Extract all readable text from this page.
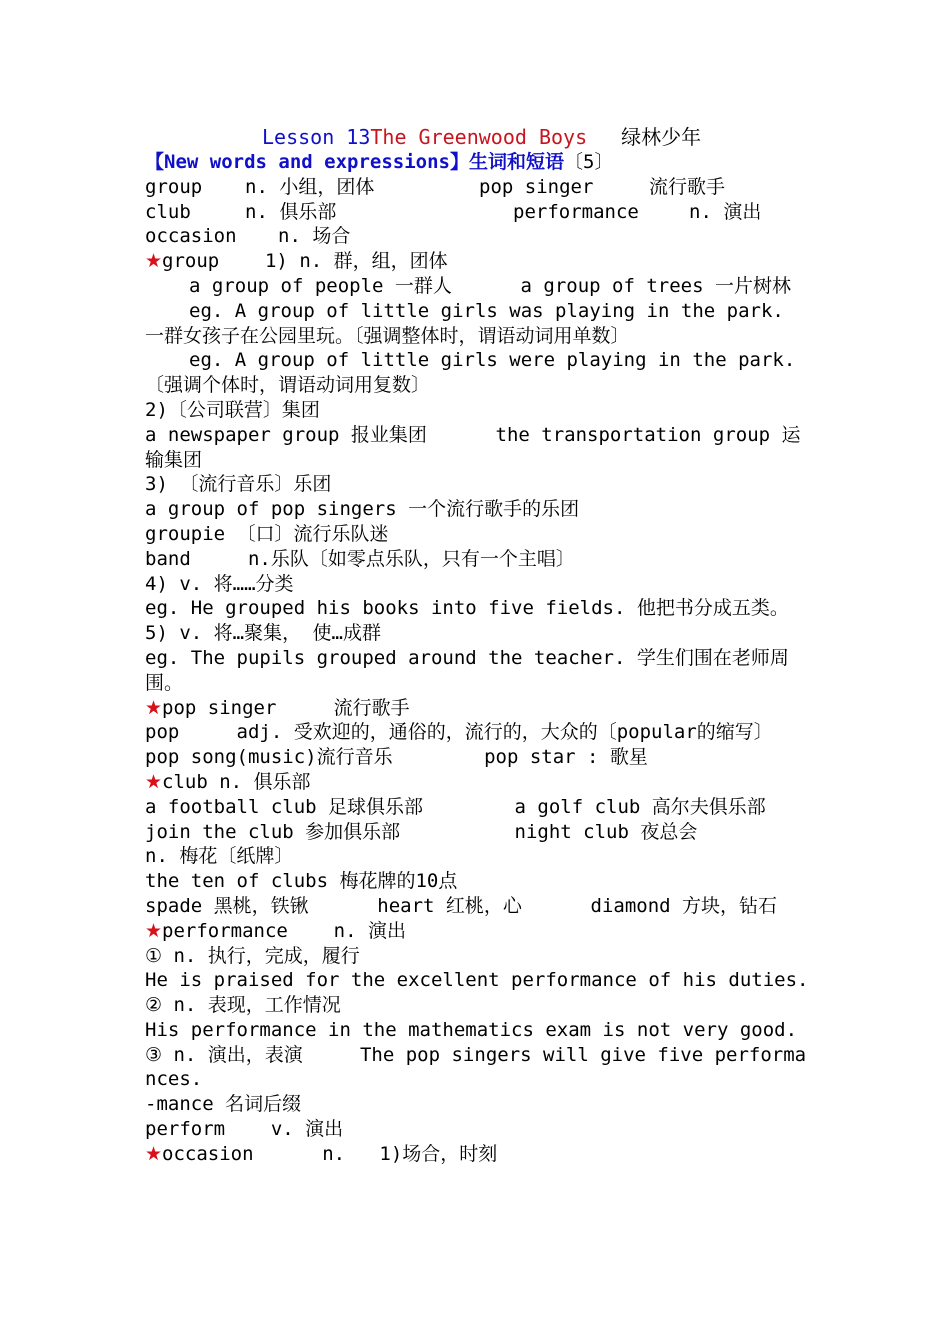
Lesson 13The Greenwood Boys 绿林少年
【New words and expressions】生词和短语〔5〕
group n. 小组，团体	pop singer	流行歌手
club	n. 俱乐部	performance	n. 演出
occasion n. 场合
★group    1) n. 群，组，团体
a group of people 一群人      a group of trees 一片树林
eg. A group of little girls was playing in the park. 一群女孩子在公园里玩。〔强调整体时，谓语动词用单数〕
eg. A group of little girls were playing in the park. 〔强调个体时，谓语动词用复数〕
2)〔公司联营〕集团
a newspaper group 报业集团      the transportation group 运输集团
3) 〔流行音乐〕乐团
a group of pop singers 一个流行歌手的乐团
groupie 〔口〕流行乐队迷
band     n.乐队〔如零点乐队，只有一个主唱〕
4) v. 将……分类
eg. He grouped his books into five fields. 他把书分成五类。
5) v. 将…聚集， 使…成群
eg. The pupils grouped around the teacher. 学生们围在老师周围。
★pop singer     流行歌手
pop     adj. 受欢迎的，通俗的，流行的，大众的〔popular的缩写〕
pop song(music)流行音乐        pop star : 歌星
★club n. 俱乐部
a football club 足球俱乐部        a golf club 高尔夫俱乐部
join the club 参加俱乐部          night club 夜总会
n. 梅花〔纸牌〕
the ten of clubs 梅花牌的10点
spade 黑桃，铁锹      heart 红桃，心      diamond 方块，钻石
★performance    n. 演出
① n. 执行，完成，履行
He is praised for the excellent performance of his duties.
② n. 表现，工作情况
His performance in the mathematics exam is not very good.
③ n. 演出，表演     The pop singers will give five performances.
-mance 名词后缀
perform    v. 演出
★occasion      n.   1)场合，时刻
